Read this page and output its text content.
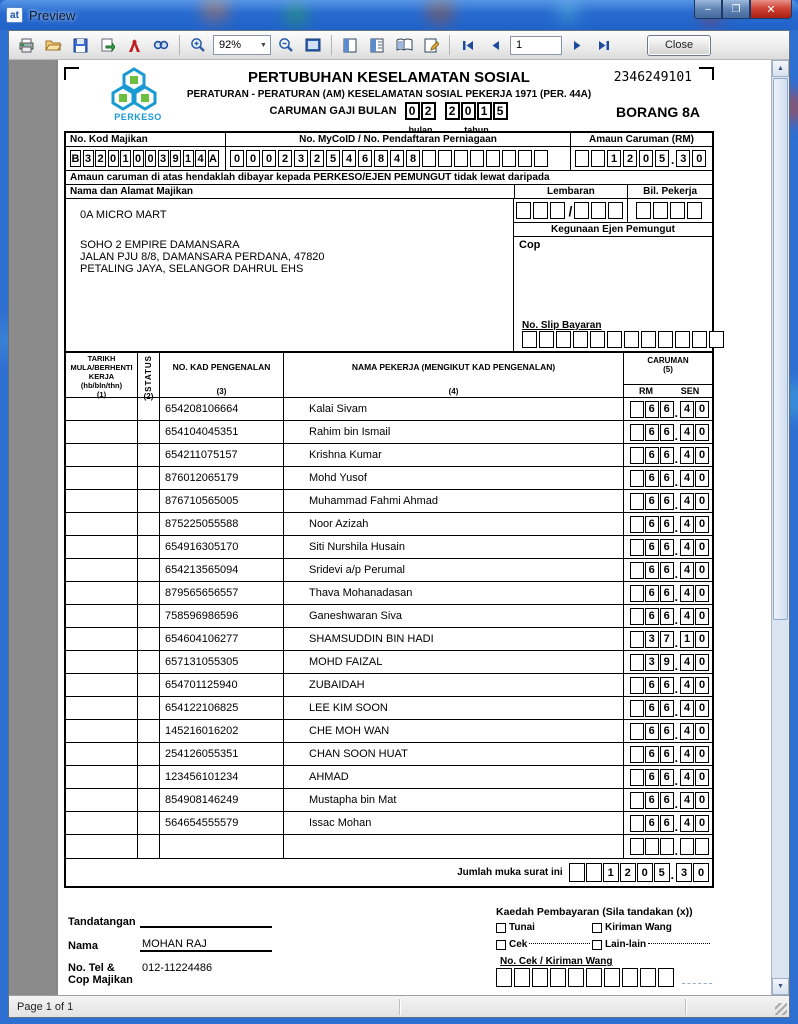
at Preview	–	❐	✕
92%	▼
1	Close
PERKESO
PERTUBUHAN KESELAMATAN SOSIAL	2346249101
PERATURAN - PERATURAN (AM) KESELAMATAN SOSIAL PEKERJA 1971 (PER. 44A)
CARUMAN GAJI BULAN	0 2
bulan
2 0 1 5
tahun
BORANG 8A
No. Kod Majikan	No. MyCoID / No. Pendaftaran Perniagaan	Amaun Caruman (RM)
B 3 2 0 1 0 0 3 9 1 4 A	0 0 0 2 3 2 5 4 6 8 4 8	1 2 0 5 . 3 0
Amaun caruman di atas hendaklah dibayar kepada PERKESO/EJEN PEMUNGUT tidak lewat daripada
Nama dan Alamat Majikan	Lembaran	Bil. Pekerja
0A MICRO MART
SOHO 2 EMPIRE DAMANSARA
JALAN PJU 8/8, DAMANSARA PERDANA, 47820
PETALING JAYA, SELANGOR DAHRUL EHS
/
Kegunaan Ejen Pemungut
Cop
No. Slip Bayaran
TARIKH
MULA/BERHENTI
KERJA
(hb/bln/thn)
(1)
STATUS
(2)
NO. KAD PENGENALAN
(3)
NAMA PEKERJA (MENGIKUT KAD PENGENALAN)
(4)
CARUMAN
(5)
RM	SEN
654208106664	Kalai Sivam	6 6 . 4 0
654104045351	Rahim bin Ismail	6 6 . 4 0
654211075157	Krishna Kumar	6 6 . 4 0
876012065179	Mohd Yusof	6 6 . 4 0
876710565005	Muhammad Fahmi Ahmad	6 6 . 4 0
875225055588	Noor Azizah	6 6 . 4 0
654916305170	Siti Nurshila Husain	6 6 . 4 0
654213565094	Sridevi a/p Perumal	6 6 . 4 0
879565656557	Thava Mohanadasan	6 6 . 4 0
758596986596	Ganeshwaran Siva	6 6 . 4 0
654604106277	SHAMSUDDIN BIN HADI	3 7 . 1 0
657131055305	MOHD FAIZAL	3 9 . 4 0
654701125940	ZUBAIDAH	6 6 . 4 0
654122106825	LEE KIM SOON	6 6 . 4 0
145216016202	CHE MOH WAN	6 6 . 4 0
254126055351	CHAN SOON HUAT	6 6 . 4 0
123456101234	AHMAD	6 6 . 4 0
854908146249	Mustapha bin Mat	6 6 . 4 0
564654555579	Issac Mohan	6 6 . 4 0
.
Jumlah muka surat ini	1 2 0 5 . 3 0
Tandatangan
Nama	MOHAN RAJ
No. Tel &
Cop Majikan
012-11224486
Kaedah Pembayaran (Sila tandakan (x))
Tunai	Kiriman Wang
Cek	Lain-lain
No. Cek / Kiriman Wang
▲
▼
Page 1 of 1
